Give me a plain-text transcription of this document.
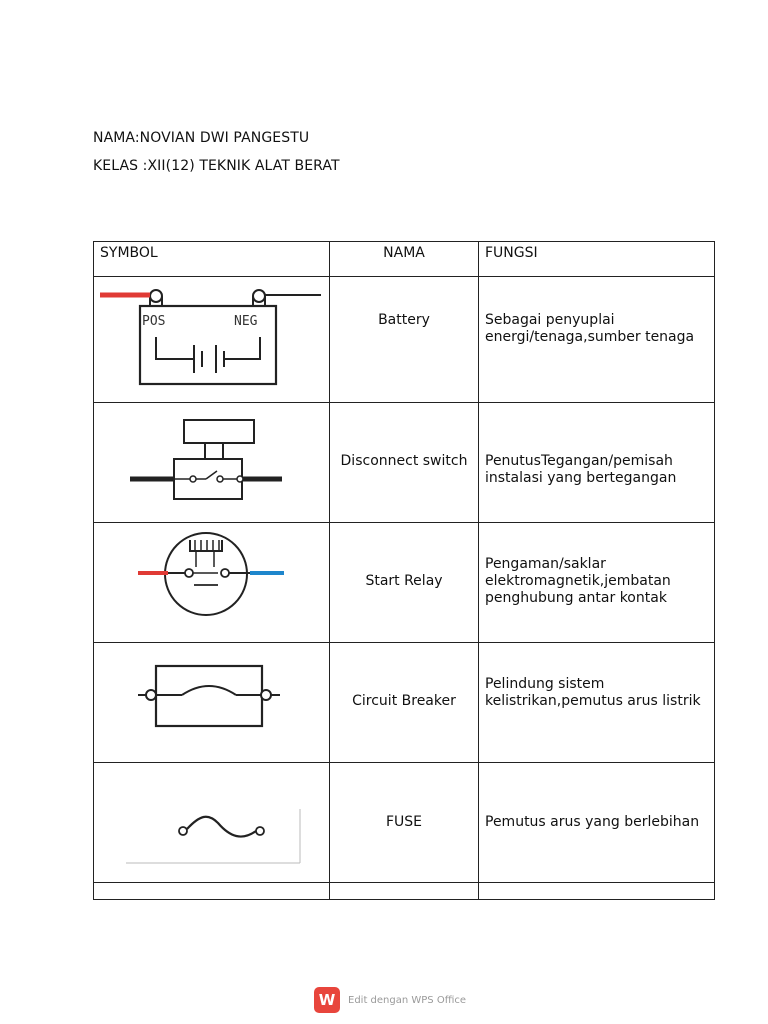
NAMA:NOVIAN DWI PANGESTU
KELAS :XII(12) TEKNIK ALAT BERAT
SYMBOL	NAMA	FUNGSI

POS NEG	Battery	Sebagai penyuplai
energi/tenaga,sumber tenaga

Disconnect switch	PenutusTegangan/pemisah
instalasi yang bertegangan

Start Relay	Pengaman/saklar
elektromagnetik,jembatan
penghubung antar kontak

Circuit Breaker	Pelindung sistem
kelistrikan,pemutus arus listrik

FUSE	Pemutus arus yang berlebihan

W	Edit dengan WPS Office
